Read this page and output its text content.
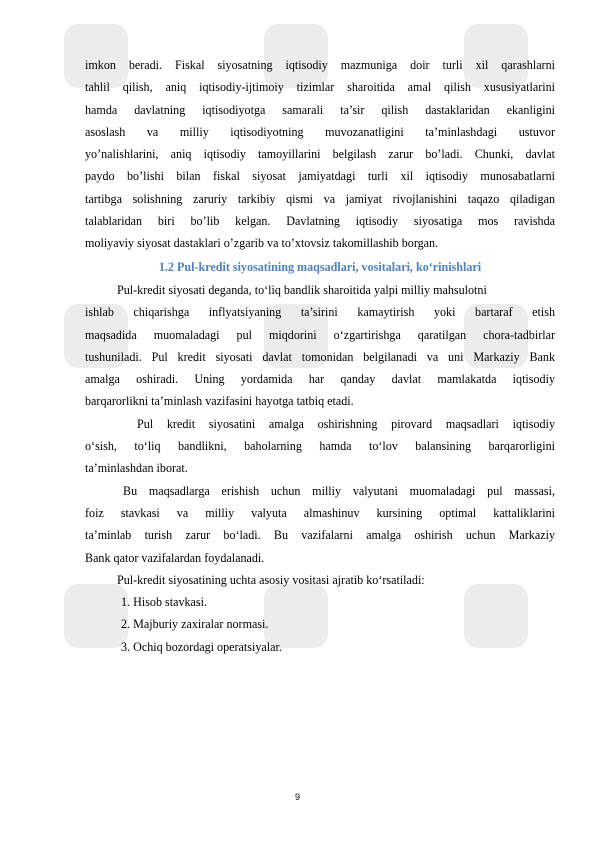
imkon beradi. Fiskal siyosatning iqtisodiy mazmuniga doir turli xil qarashlarni
tahlil qilish, aniq iqtisodiy-ijtimoiy tizimlar sharoitida amal qilish xususiyatlarini
hamda davlatning iqtisodiyotga samarali ta’sir qilish dastaklaridan ekanligini
asoslash va milliy iqtisodiyotning muvozanatligini ta’minlashdagi ustuvor
yo’nalishlarini, aniq iqtisodiy tamoyillarini belgilash zarur bo’ladi. Chunki, davlat
paydo bo’lishi bilan fiskal siyosat jamiyatdagi turli xil iqtisodiy munosabatlarni
tartibga solishning zaruriy tarkibiy qismi va jamiyat rivojlanishini taqazo qiladigan
talablaridan biri bo’lib kelgan. Davlatning iqtisodiy siyosatiga mos ravishda
moliyaviy siyosat dastaklari o’zgarib va to’xtovsiz takomillashib borgan.

1.2 Pul-kredit siyosatining maqsadlari, vositalari, ko‘rinishlari

Pul-kredit siyosati deganda, to‘liq bandlik sharoitida yalpi milliy mahsulotni
ishlab chiqarishga inflyatsiyaning ta’sirini kamaytirish yoki bartaraf etish
maqsadida muomaladagi pul miqdorini o‘zgartirishga qaratilgan chora-tadbirlar
tushuniladi. Pul kredit siyosati davlat tomonidan belgilanadi va uni Markaziy Bank
amalga oshiradi. Uning yordamida har qanday davlat mamlakatda iqtisodiy
barqarorlikni ta’minlash vazifasini hayotga tatbiq etadi.

Pul kredit siyosatini amalga oshirishning pirovard maqsadlari iqtisodiy
o‘sish, to‘liq bandlikni, baholarning hamda to‘lov balansining barqarorligini
ta’minlashdan iborat.

Bu maqsadlarga erishish uchun milliy valyutani muomaladagi pul massasi,
foiz stavkasi va milliy valyuta almashinuv kursining optimal kattaliklarini
ta’minlab turish zarur bo‘ladi. Bu vazifalarni amalga oshirish uchun Markaziy
Bank qator vazifalardan foydalanadi.

Pul-kredit siyosatining uchta asosiy vositasi ajratib ko‘rsatiladi:

1. Hisob stavkasi.
2. Majburiy zaxiralar normasi.
3. Ochiq bozordagi operatsiyalar.
9
